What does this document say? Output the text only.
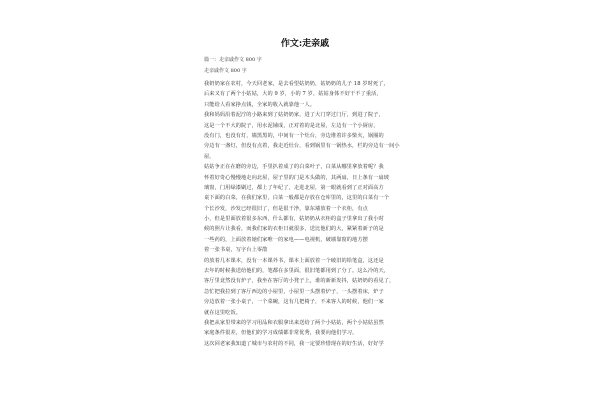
作文:走亲戚
篇一：走亲戚作文 800 字
走亲戚作文 800 字
我奶奶家在农村，今天回老家，是去看望姑奶奶，姑奶奶的儿子 18 岁时死了，
后来又有了两个小姑姑，大的 9 岁，小的 7 岁，姑姑身体不好干不了重活，
只能给人看家挣点钱，全家的收入就靠他一人。
我和妈妈沿着泥泞的小路来到了姑奶奶家，进了大门穿过门厅，到进了院子，
这是一个不大的院子，用水泥铺成，正对着的是北屋，左边有一个小厨房，
没有门，也没有灯，墙黑黑的，中间有一个灶台，旁边堆着许多柴火，锅圈的
旁边有一盏灯，但没有点着，我走近灶台，看到锅里有一锅热水，栏的旁边有一间小
屋。
姑姑争正在在磨的旁边，手里扒着成了的白菜叶子，白菜从哪里拿放着呢？我
怀着好奇心慢慢地走向北屋，屋子里的门是木头做的，其两扇，日上条有一扇玻
璃窗，门用绿漆刷过，都上了年纪了，走进北屋，第一眼就看到了正对面高方
桌下面的白菜，在我们家里，白菜一般都是存放在仓库里的，这里的白菜有一个
个长沙发，沙发已经很旧了，但是很干净，靠东墙放着一个衣柜，有点
小，但是里面放着很多东西，什么都有，姑奶奶从衣柜的盒子里拿出了我小时
候的照片让我看，而我们家的衣柜日就很多，送比他们的大，紧紧着新子的是
一些药的，上面放着她们家唯一的家电——电视机，破墙靠窗的地方摆
着一张书桌，写字台上零散
的放着几本课本，没有一本课外书，课本上面放着一个破旧的铅笔盒，这还是
去年的时候我送给他们的，笔都在多里面，很旧笔都用到了分了。这么冷的天，
客厅里竟然没有炉子，我坐在客厅的小凳子上，谁的新新发抖，姑奶奶的看见了，
急忙把我拉到了客厅西边的小屋里，小屋里一头摆着炉子，一头摆着床，炉子
旁边放着一张小桌子，一个菜碗，这有几把椅子，不来客人的时候，他们一家
就在这里吃饭。
我把从家里带来的学习用品和衣服拿出来送给了两个小姑姑，两个小姑姑虽然
家庭条件很差，但他们的学习成绩都非常优秀，我要向他们学习。
这次回老家我知道了城市与农村的不同，我一定要珍惜现在的好生活，好好学
